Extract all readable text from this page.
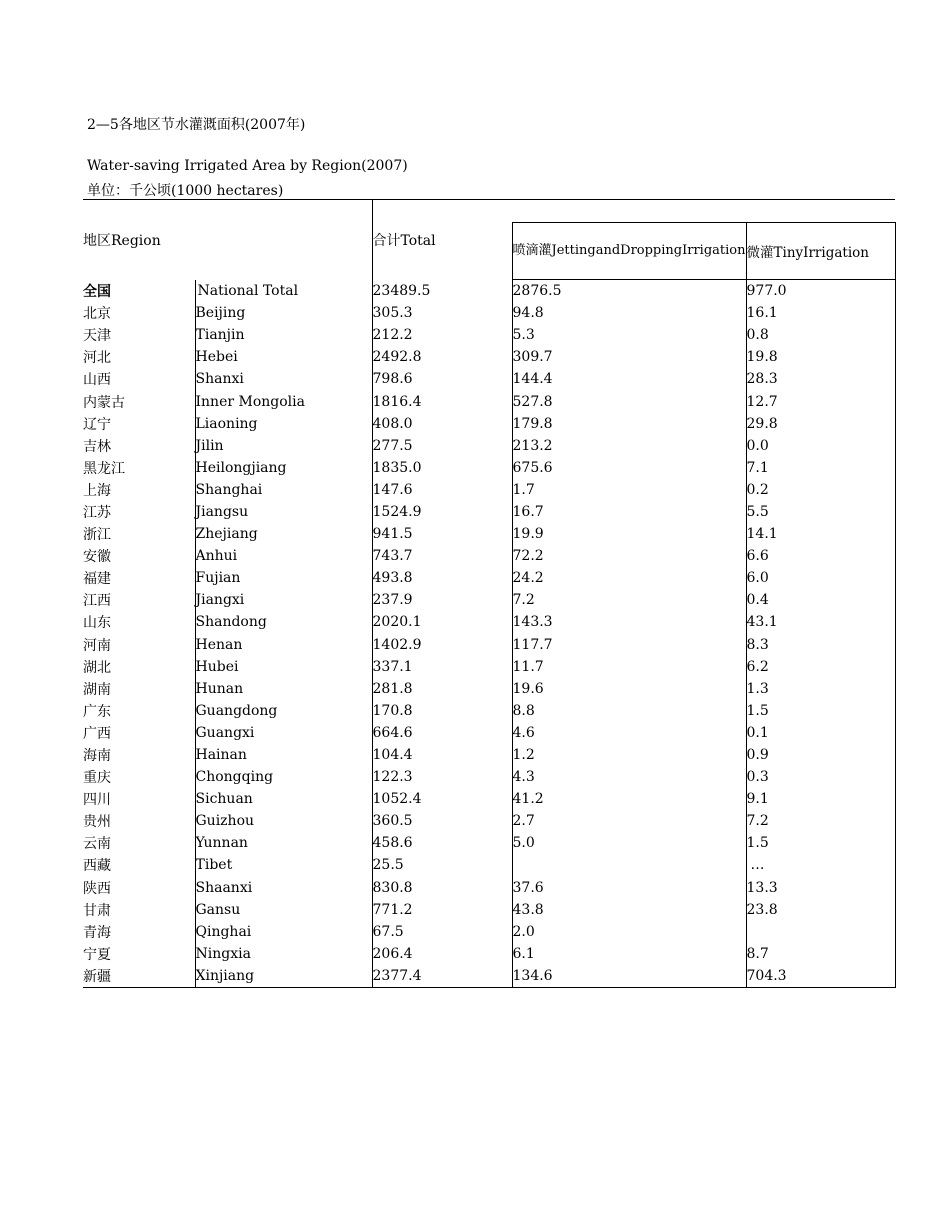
2—5各地区节水灌溉面积(2007年)
Water-saving Irrigated Area by Region(2007)
单位：千公顷(1000 hectares)
地区Region		合计Total		
			喷滴灌JettingandDroppingIrrigation	微灌TinyIrrigation
全国	National Total	23489.5	2876.5	977.0
北京	Beijing	305.3	94.8	16.1
天津	Tianjin	212.2	5.3	0.8
河北	Hebei	2492.8	309.7	19.8
山西	Shanxi	798.6	144.4	28.3
内蒙古	Inner Mongolia	1816.4	527.8	12.7
辽宁	Liaoning	408.0	179.8	29.8
吉林	Jilin	277.5	213.2	0.0
黑龙江	Heilongjiang	1835.0	675.6	7.1
上海	Shanghai	147.6	1.7	0.2
江苏	Jiangsu	1524.9	16.7	5.5
浙江	Zhejiang	941.5	19.9	14.1
安徽	Anhui	743.7	72.2	6.6
福建	Fujian	493.8	24.2	6.0
江西	Jiangxi	237.9	7.2	0.4
山东	Shandong	2020.1	143.3	43.1
河南	Henan	1402.9	117.7	8.3
湖北	Hubei	337.1	11.7	6.2
湖南	Hunan	281.8	19.6	1.3
广东	Guangdong	170.8	8.8	1.5
广西	Guangxi	664.6	4.6	0.1
海南	Hainan	104.4	1.2	0.9
重庆	Chongqing	122.3	4.3	0.3
四川	Sichuan	1052.4	41.2	9.1
贵州	Guizhou	360.5	2.7	7.2
云南	Yunnan	458.6	5.0	1.5
西藏	Tibet	25.5		…
陕西	Shaanxi	830.8	37.6	13.3
甘肃	Gansu	771.2	43.8	23.8
青海	Qinghai	67.5	2.0	
宁夏	Ningxia	206.4	6.1	8.7
新疆	Xinjiang	2377.4	134.6	704.3
